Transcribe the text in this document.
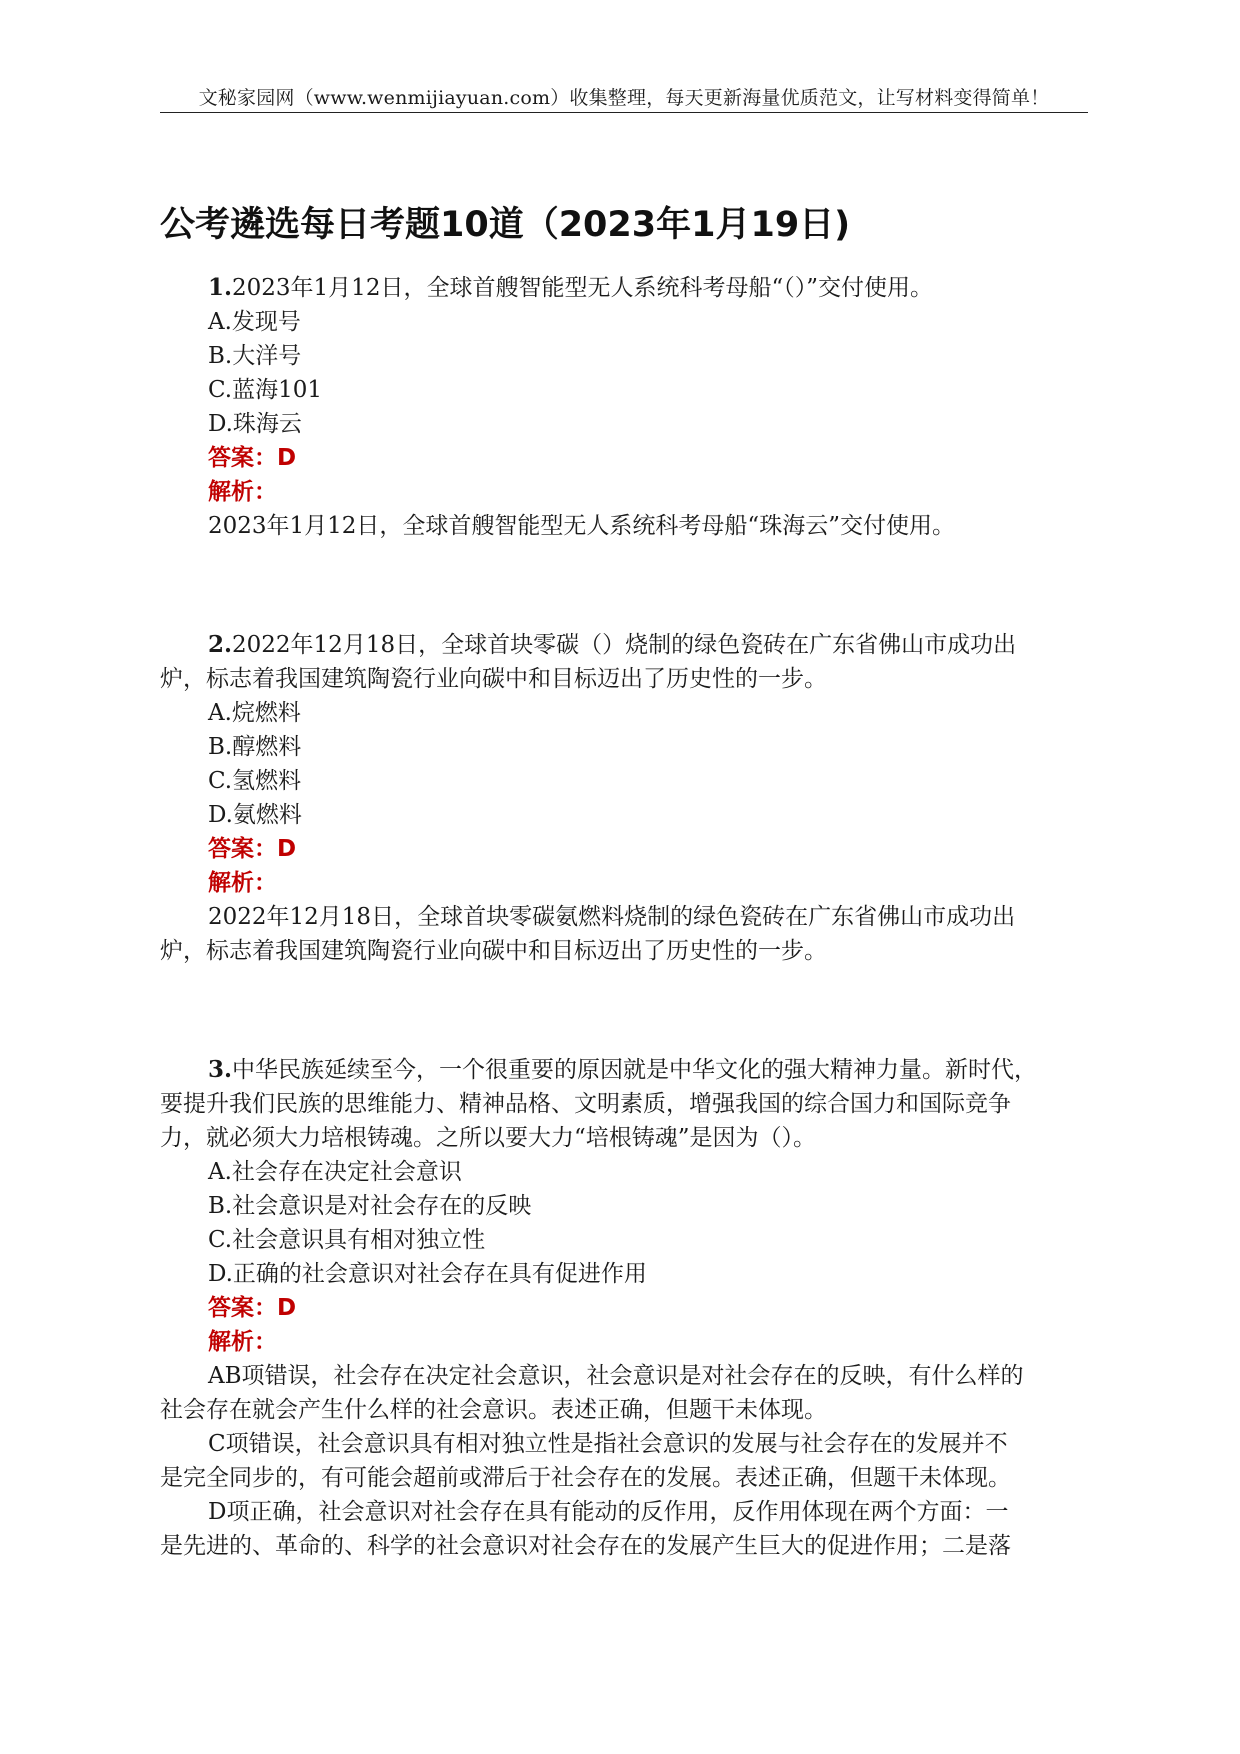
文秘家园网（www.wenmijiayuan.com）收集整理，每天更新海量优质范文，让写材料变得简单！
公考遴选每日考题10道（2023年1月19日)
1.2023年1月12日，全球首艘智能型无人系统科考母船“（）”交付使用。
A.发现号
B.大洋号
C.蓝海101
D.珠海云
答案：D
解析：
2023年1月12日，全球首艘智能型无人系统科考母船“珠海云”交付使用。
2.2022年12月18日，全球首块零碳（）烧制的绿色瓷砖在广东省佛山市成功出
炉，标志着我国建筑陶瓷行业向碳中和目标迈出了历史性的一步。
A.烷燃料
B.醇燃料
C.氢燃料
D.氨燃料
答案：D
解析：
2022年12月18日，全球首块零碳氨燃料烧制的绿色瓷砖在广东省佛山市成功出
炉，标志着我国建筑陶瓷行业向碳中和目标迈出了历史性的一步。
3.中华民族延续至今，一个很重要的原因就是中华文化的强大精神力量。新时代，
要提升我们民族的思维能力、精神品格、文明素质，增强我国的综合国力和国际竞争
力，就必须大力培根铸魂。之所以要大力“培根铸魂”是因为（）。
A.社会存在决定社会意识
B.社会意识是对社会存在的反映
C.社会意识具有相对独立性
D.正确的社会意识对社会存在具有促进作用
答案：D
解析：
AB项错误，社会存在决定社会意识，社会意识是对社会存在的反映，有什么样的
社会存在就会产生什么样的社会意识。表述正确，但题干未体现。
C项错误，社会意识具有相对独立性是指社会意识的发展与社会存在的发展并不
是完全同步的，有可能会超前或滞后于社会存在的发展。表述正确，但题干未体现。
D项正确，社会意识对社会存在具有能动的反作用，反作用体现在两个方面：一
是先进的、革命的、科学的社会意识对社会存在的发展产生巨大的促进作用；二是落
